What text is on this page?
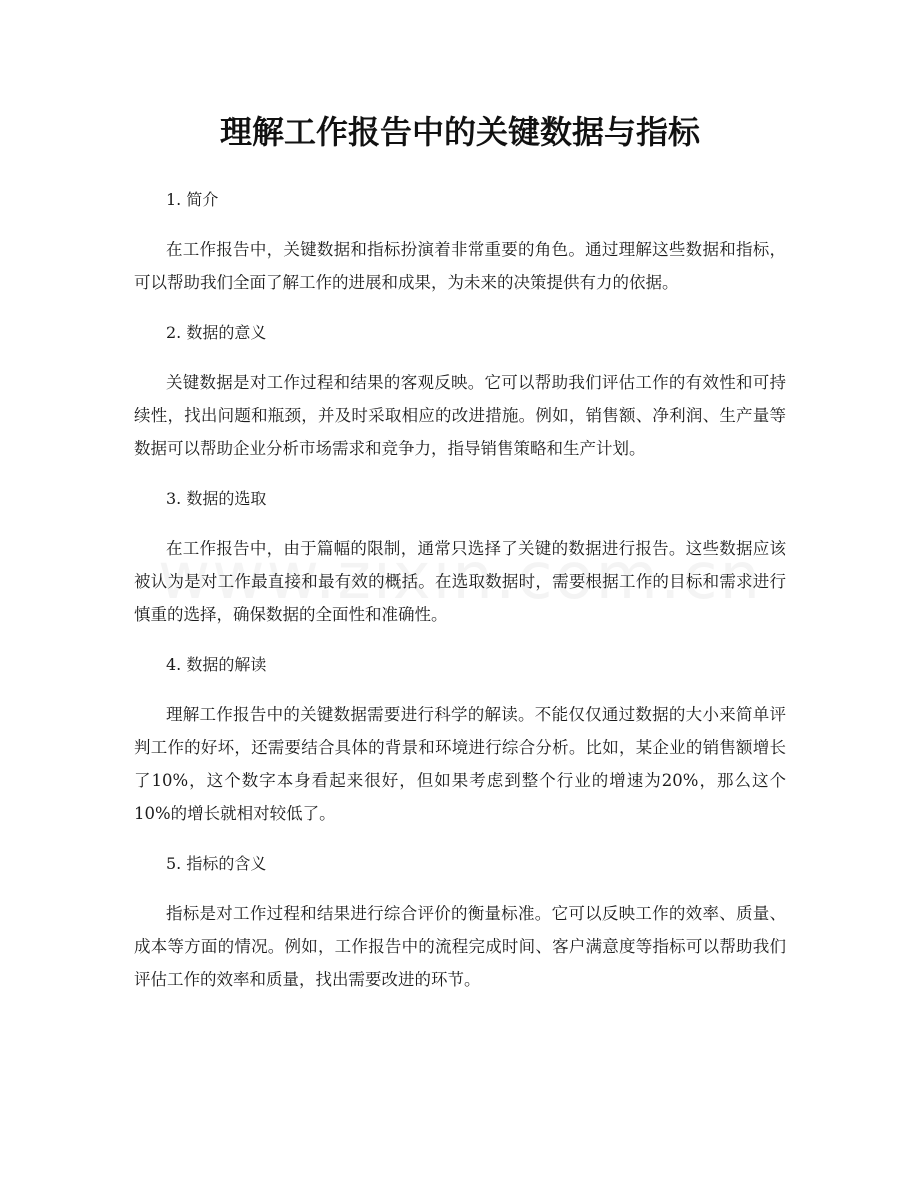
理解工作报告中的关键数据与指标

1. 简介

在工作报告中，关键数据和指标扮演着非常重要的角色。通过理解这些数据和指标，可以帮助我们全面了解工作的进展和成果，为未来的决策提供有力的依据。

2. 数据的意义

关键数据是对工作过程和结果的客观反映。它可以帮助我们评估工作的有效性和可持续性，找出问题和瓶颈，并及时采取相应的改进措施。例如，销售额、净利润、生产量等数据可以帮助企业分析市场需求和竞争力，指导销售策略和生产计划。

3. 数据的选取

在工作报告中，由于篇幅的限制，通常只选择了关键的数据进行报告。这些数据应该被认为是对工作最直接和最有效的概括。在选取数据时，需要根据工作的目标和需求进行慎重的选择，确保数据的全面性和准确性。

4. 数据的解读

理解工作报告中的关键数据需要进行科学的解读。不能仅仅通过数据的大小来简单评判工作的好坏，还需要结合具体的背景和环境进行综合分析。比如，某企业的销售额增长了10%，这个数字本身看起来很好，但如果考虑到整个行业的增速为20%，那么这个10%的增长就相对较低了。

5. 指标的含义

指标是对工作过程和结果进行综合评价的衡量标准。它可以反映工作的效率、质量、成本等方面的情况。例如，工作报告中的流程完成时间、客户满意度等指标可以帮助我们评估工作的效率和质量，找出需要改进的环节。
